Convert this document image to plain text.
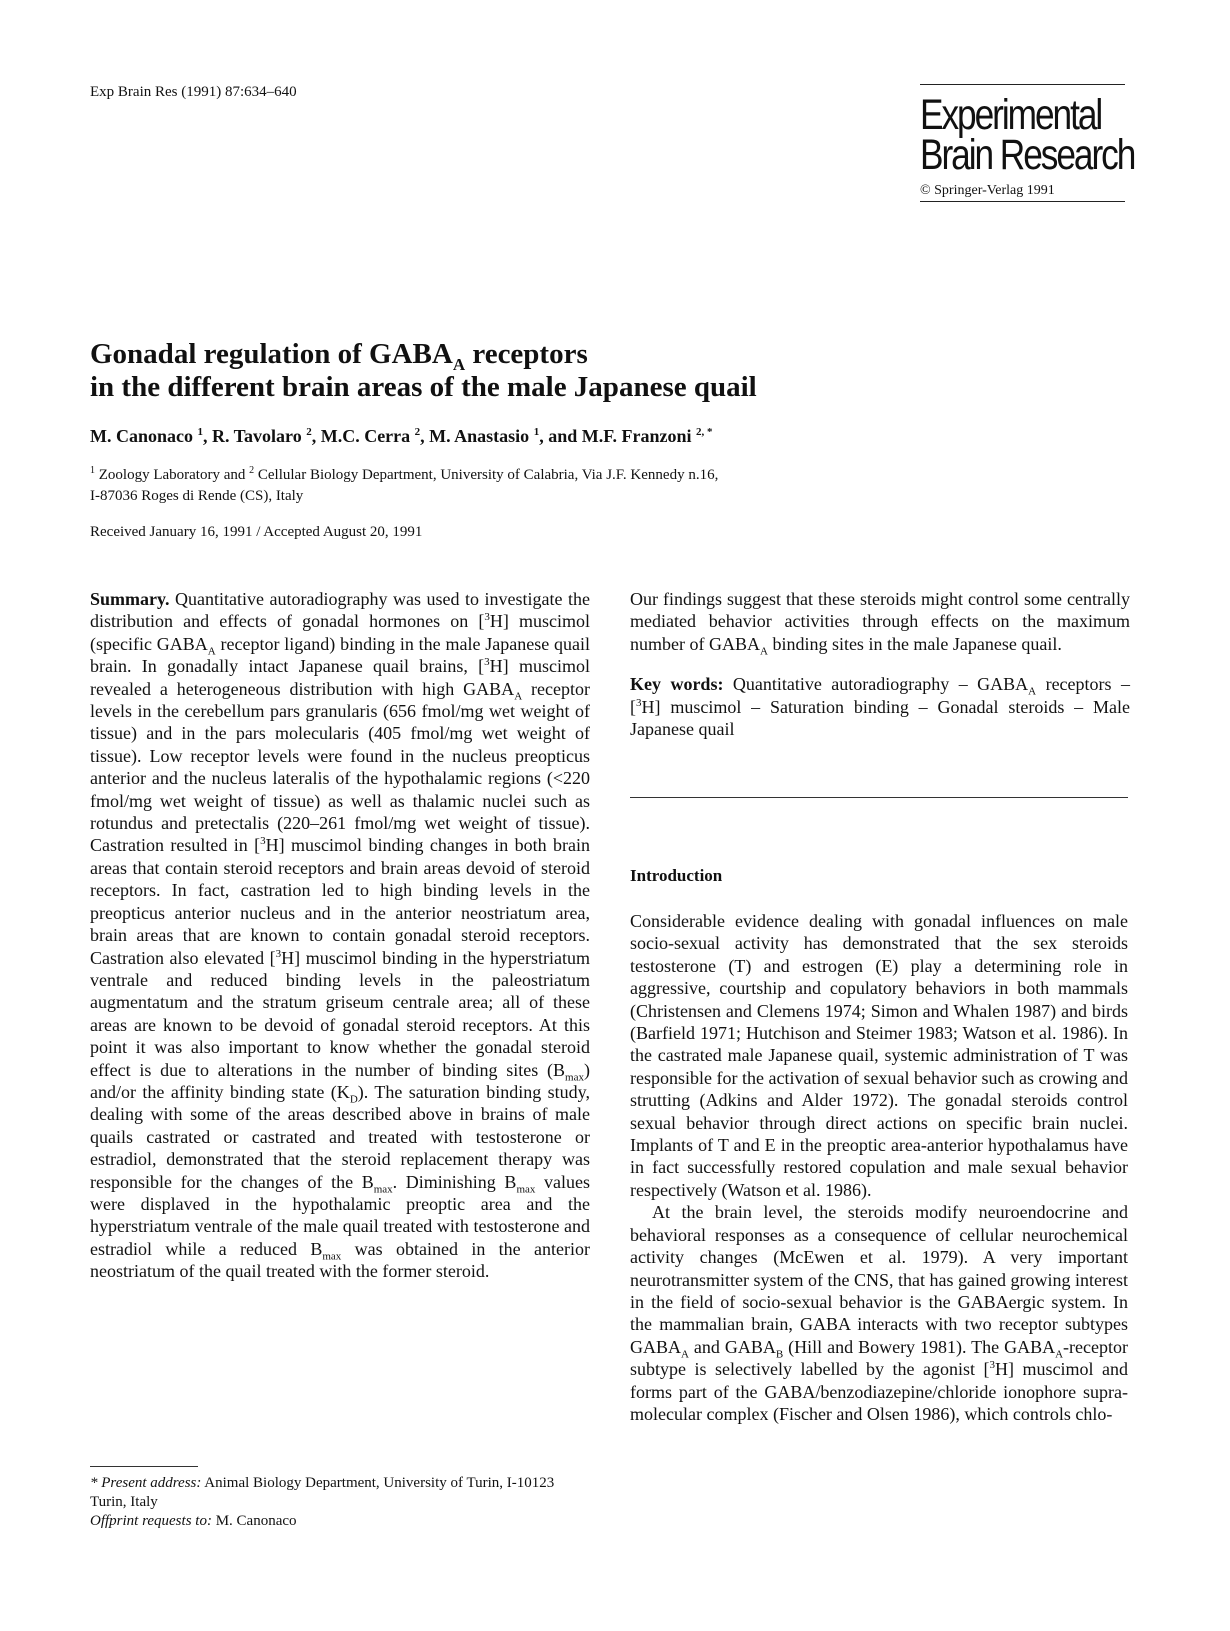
Exp Brain Res (1991) 87:634–640	Experimental
Brain Research
© Springer-Verlag 1991
Gonadal regulation of $GABA_A$ receptors
in the different brain areas of the male Japanese quail
M. Canonaco $^1$, R. Tavolaro $^2$, M.C. Cerra $^2$, M. Anastasio $^1$, and M.F. Franzoni $^{2, *}$
$^1$ Zoology Laboratory and $^2$ Cellular Biology Department, University of Calabria, Via J.F. Kennedy n.16,
I-87036 Roges di Rende (CS), Italy
Received January 16, 1991 / Accepted August 20, 1991
Summary. Quantitative autoradiography was used to investigate the distribution and effects of gonadal hormones on [$^3$H] muscimol (specific $GABA_A$ receptor ligand) binding in the male Japanese quail brain. In gonadally intact Japanese quail brains, [$^3$H] muscimol revealed a heterogeneous distribution with high $GABA_A$ receptor levels in the cerebellum pars granularis (656 fmol/mg wet weight of tissue) and in the pars molecularis (405 fmol/mg wet weight of tissue). Low receptor levels were found in the nucleus preopticus anterior and the nucleus lateralis of the hypothalamic regions (<220 fmol/mg wet weight of tissue) as well as thalamic nuclei such as rotundus and pretectalis (220–261 fmol/mg wet weight of tissue). Castration resulted in [$^3$H] muscimol binding changes in both brain areas that contain steroid receptors and brain areas devoid of steroid receptors. In fact, castration led to high binding levels in the preopticus anterior nucleus and in the anterior neostriatum area, brain areas that are known to contain gonadal steroid receptors. Castration also elevated [$^3$H] muscimol binding in the hyperstriatum ventrale and reduced binding levels in the paleostriatum augmentatum and the stratum griseum centrale area; all of these areas are known to be devoid of gonadal steroid receptors. At this point it was also important to know whether the gonadal steroid effect is due to alterations in the number of binding sites $(B_{max})$ and/or the affinity binding state $(K_D)$. The saturation binding study, dealing with some of the areas described above in brains of male quails castrated or castrated and treated with testosterone or estradiol, demonstrated that the steroid replacement therapy was responsible for the changes of the $B_{max}$. Diminishing $B_{max}$ values were displaved in the hypothalamic preoptic area and the hyperstriatum ventrale of the male quail treated with testosterone and estradiol while a reduced $B_{max}$ was obtained in the anterior neostriatum of the quail treated with the former steroid.

* Present address: Animal Biology Department, University of Turin, I-10123 Turin, Italy

Offprint requests to: M. Canonaco

Our findings suggest that these steroids might control some centrally mediated behavior activities through effects on the maximum number of $GABA_A$ binding sites in the male Japanese quail.
Key words: Quantitative autoradiography – $GABA_A$ receptors – [$^3$H] muscimol – Saturation binding – Gonadal steroids – Male Japanese quail
Introduction

Considerable evidence dealing with gonadal influences on male socio-sexual activity has demonstrated that the sex steroids testosterone (T) and estrogen (E) play a determining role in aggressive, courtship and copulatory behaviors in both mammals (Christensen and Clemens 1974; Simon and Whalen 1987) and birds (Barfield 1971; Hutchison and Steimer 1983; Watson et al. 1986). In the castrated male Japanese quail, systemic administration of T was responsible for the activation of sexual behavior such as crowing and strutting (Adkins and Alder 1972). The gonadal steroids control sexual behavior through direct actions on specific brain nuclei. Implants of T and E in the preoptic area-anterior hypothalamus have in fact successfully restored copulation and male sexual behavior respectively (Watson et al. 1986).

At the brain level, the steroids modify neuroendocrine and behavioral responses as a consequence of cellular neurochemical activity changes (McEwen et al. 1979). A very important neurotransmitter system of the CNS, that has gained growing interest in the field of socio-sexual behavior is the GABAergic system. In the mammalian brain, GABA interacts with two receptor subtypes $GABA_A$ and $GABA_B$ (Hill and Bowery 1981). The $GABA_A$-receptor subtype is selectively labelled by the agonist [$^3$H] muscimol and forms part of the GABA/benzodiazepine/chloride ionophore supra-molecular complex (Fischer and Olsen 1986), which controls chlo-
